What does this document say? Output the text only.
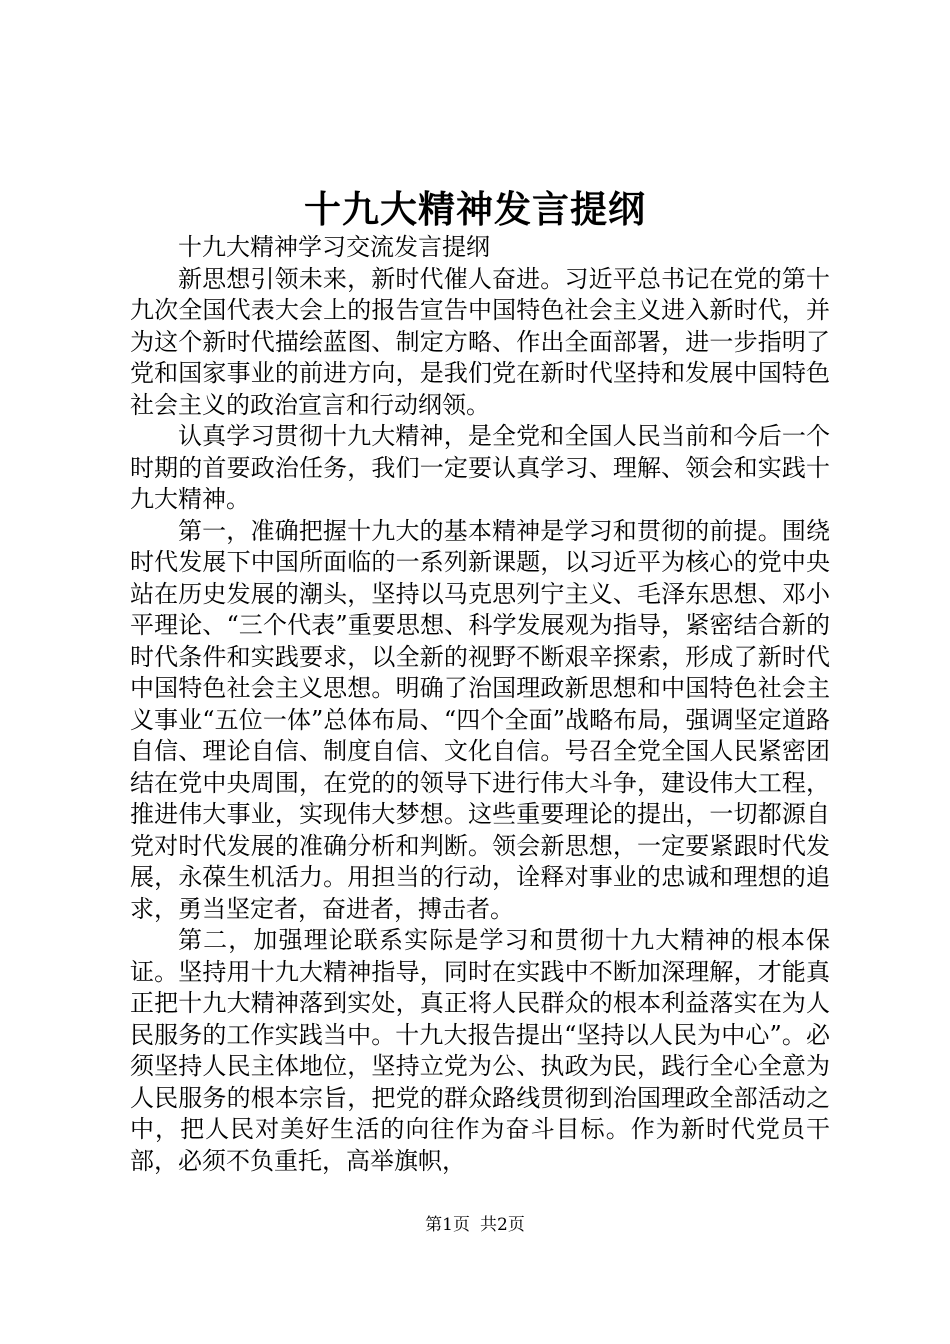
十九大精神发言提纲

十九大精神学习交流发言提纲

新思想引领未来，新时代催人奋进。习近平总书记在党的第十九次全国代表大会上的报告宣告中国特色社会主义进入新时代，并为这个新时代描绘蓝图、制定方略、作出全面部署，进一步指明了党和国家事业的前进方向，是我们党在新时代坚持和发展中国特色社会主义的政治宣言和行动纲领。

认真学习贯彻十九大精神，是全党和全国人民当前和今后一个时期的首要政治任务，我们一定要认真学习、理解、领会和实践十九大精神。

第一，准确把握十九大的基本精神是学习和贯彻的前提。围绕时代发展下中国所面临的一系列新课题，以习近平为核心的党中央站在历史发展的潮头，坚持以马克思列宁主义、毛泽东思想、邓小平理论、“三个代表”重要思想、科学发展观为指导，紧密结合新的时代条件和实践要求，以全新的视野不断艰辛探索，形成了新时代中国特色社会主义思想。明确了治国理政新思想和中国特色社会主义事业“五位一体”总体布局、“四个全面”战略布局，强调坚定道路自信、理论自信、制度自信、文化自信。号召全党全国人民紧密团结在党中央周围，在党的的领导下进行伟大斗争，建设伟大工程，推进伟大事业，实现伟大梦想。这些重要理论的提出，一切都源自党对时代发展的准确分析和判断。领会新思想，一定要紧跟时代发展，永葆生机活力。用担当的行动，诠释对事业的忠诚和理想的追求，勇当坚定者，奋进者，搏击者。

第二，加强理论联系实际是学习和贯彻十九大精神的根本保证。坚持用十九大精神指导，同时在实践中不断加深理解，才能真正把十九大精神落到实处，真正将人民群众的根本利益落实在为人民服务的工作实践当中。十九大报告提出“坚持以人民为中心”。必须坚持人民主体地位，坚持立党为公、执政为民，践行全心全意为人民服务的根本宗旨，把党的群众路线贯彻到治国理政全部活动之中，把人民对美好生活的向往作为奋斗目标。作为新时代党员干部，必须不负重托，高举旗帜，

第1页 共2页
